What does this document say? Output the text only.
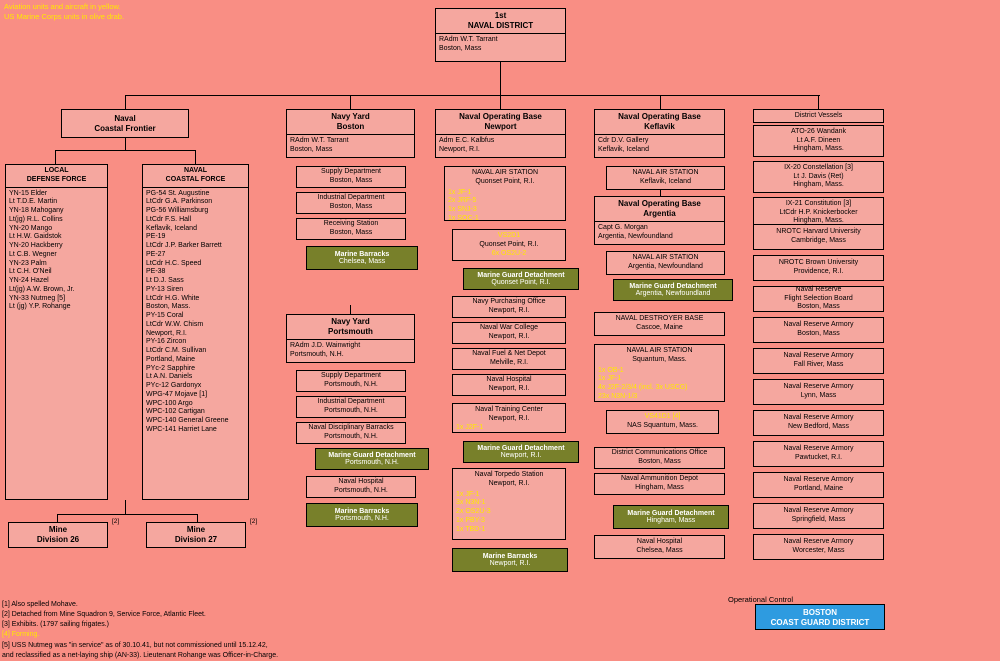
Aviation units and aircraft in yellow.
US Marine Corps units in olive drab.	1st
NAVAL DISTRICT
RAdm W.T. Tarrant
Boston, Mass
Naval
Coastal Frontier
LOCAL
DEFENSE FORCE
YN-15 Elder
Lt T.D.E. Martin
YN-18 Mahogany
Lt(jg) R.L. Collins
YN-20 Mango
Lt H.W. Gaidstok
YN-20 Hackberry
Lt C.B. Wegner
YN-23 Palm
Lt C.H. O'Neil
YN-24 Hazel
Lt(jg) A.W. Brown, Jr.
YN-33 Nutmeg [5]
Lt (jg) Y.P. Rohange
NAVAL
COASTAL FORCE
PG-54 St. Augustine
LtCdr G.A. Parkinson
PG-56 Williamsburg
LtCdr F.S. Hall
Keflavik, Iceland
PE-19
LtCdr J.P. Barker Barrett
PE-27
LtCdr H.C. Speed
PE-38
Lt D.J. Sass
PY-13 Siren
LtCdr H.G. White
Boston, Mass.
PY-15 Coral
LtCdr W.W. Chism
Newport, R.I.
PY-16 Zircon
LtCdr C.M. Sullivan
Portland, Maine
PYc-2 Sapphire
Lt A.N. Daniels
PYc-12 Gardonyx
WPG-47 Mojave [1]
WPC-100 Argo
WPC-102 Cartigan
WPC-140 General Greene
WPC-141 Harriet Lane
Mine
Division 26
[2]
Mine
Division 27
[2]
Navy Yard
Boston
RAdm W.T. Tarrant
Boston, Mass
Supply Department
Boston, Mass
Industrial Department
Boston, Mass
Receiving Station
Boston, Mass
Marine Barracks
Chelsea, Mass
Navy Yard
Portsmouth
RAdm J.D. Wainwright
Portsmouth, N.H.
Supply Department
Portsmouth, N.H.
Industrial Department
Portsmouth, N.H.
Naval Disciplinary Barracks
Portsmouth, N.H.
Marine Guard Detachment
Portsmouth, N.H.
Naval Hospital
Portsmouth, N.H.
Marine Barracks
Portsmouth, N.H.
Naval Operating Base
Newport
Adm E.C. Kalbfus
Newport, R.I.
NAVAL AIR STATION
Quonset Point, R.I.
1x JF-1
2x JRF-5
1x SNJ-3
1x SOC-1
VS2D1
Quonset Point, R.I.
6x OS2U-2
Marine Guard Detachment
Quonset Point, R.I.
Navy Purchasing Office
Newport, R.I.
Naval War College
Newport, R.I.
Naval Fuel & Net Depot
Melville, R.I.
Naval Hospital
Newport, R.I.
Naval Training Center
Newport, R.I.
1x J2F-1
Marine Guard Detachment
Newport, R.I.
Naval Torpedo Station
Newport, R.I.
1x JF-1
3x N3N-1
2x OS2U-3
1x PBY-3
1x TBD-1
Marine Barracks
Newport, R.I.
Naval Operating Base
Keflavik
Cdr D.V. Gallery
Keflavik, Iceland
NAVAL AIR STATION
Keflavik, Iceland
Naval Operating Base
Argentia
Capt G. Morgan
Argentia, Newfoundland
NAVAL AIR STATION
Argentia, Newfoundland
Marine Guard Detachment
Argentia, Newfoundland
NAVAL DESTROYER BASE
Cascoe, Maine
NAVAL AIR STATION
Squantum, Mass.
1x OB-1
1x JF-1
4x J2F-2/3/4 (incl. 3x USCG)
23x N3N-1/3
VS41D1 [4]
NAS Squantum, Mass.
District Communications Office
Boston, Mass
Naval Ammunition Depot
Hingham, Mass
Marine Guard Detachment
Hingham, Mass
Naval Hospital
Chelsea, Mass
District Vessels
ATO-26 Wandank
Lt A.F. Dineen
Hingham, Mass.
IX-20 Constellation [3]
Lt J. Davis (Ret)
Hingham, Mass.
IX-21 Constitution [3]
LtCdr H.P. Knickerbocker
Hingham, Mass.
NROTC Harvard University
Cambridge, Mass
NROTC Brown University
Providence, R.I.
Naval Reserve
Flight Selection Board
Boston, Mass
Naval Reserve Armory
Boston, Mass
Naval Reserve Armory
Fall River, Mass
Naval Reserve Armory
Lynn, Mass
Naval Reserve Armory
New Bedford, Mass
Naval Reserve Armory
Pawtucket, R.I.
Naval Reserve Armory
Portland, Maine
Naval Reserve Armory
Springfield, Mass
Naval Reserve Armory
Worcester, Mass
Operational Control
BOSTON
COAST GUARD DISTRICT
[1] Also spelled Mohave.
[2] Detached from Mine Squadron 9, Service Force, Atlantic Fleet.
[3] Exhibits. (1797 sailing frigates.)
[4] Forming.
[5] USS Nutmeg was "in service" as of 30.10.41, but not commissioned until 15.12.42,
and reclassified as a net-laying ship (AN-33). Lieutenant Rohange was Officer-in-Charge.
